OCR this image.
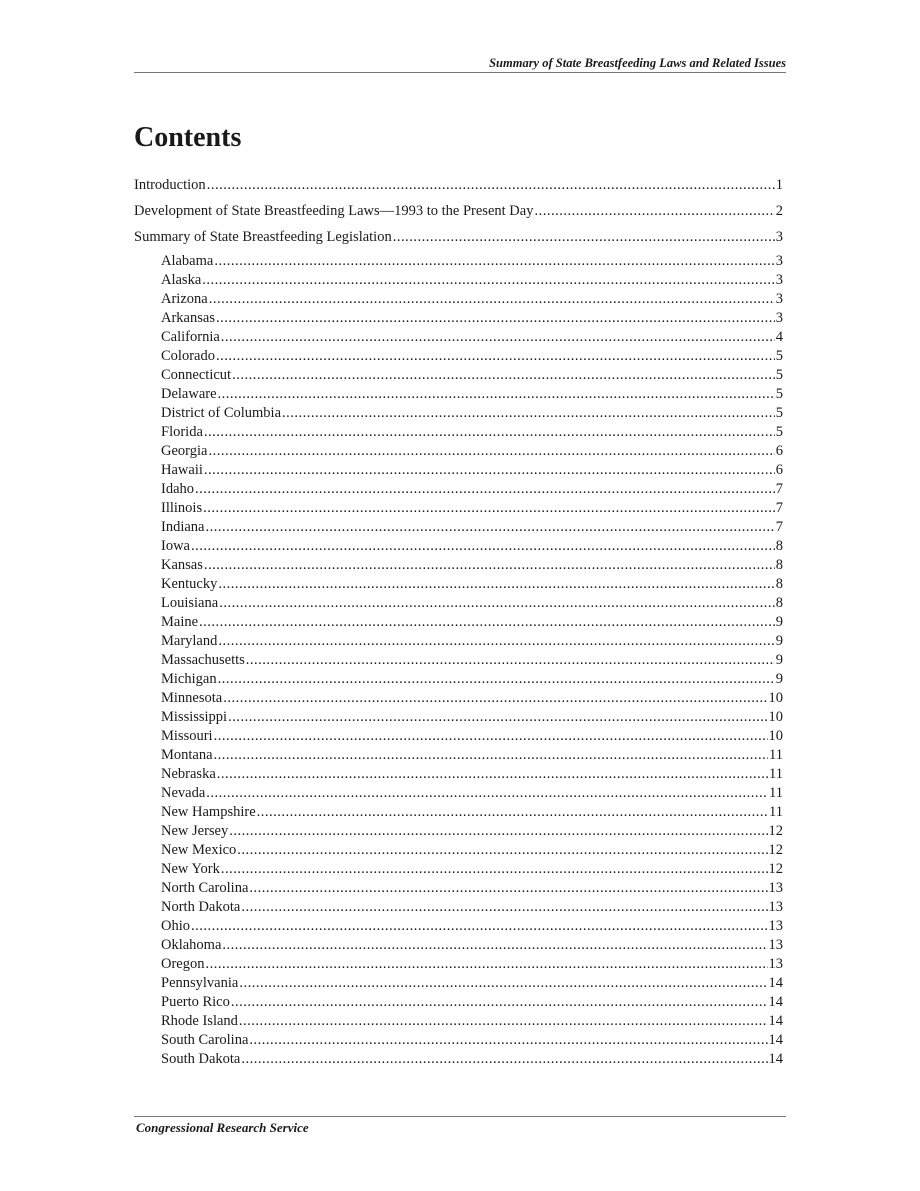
Summary of State Breastfeeding Laws and Related Issues
Contents
Introduction .....	1
Development of State Breastfeeding Laws—1993 to the Present Day .....	2
Summary of State Breastfeeding Legislation .....	3
Alabama .....	3
Alaska .....	3
Arizona .....	3
Arkansas .....	3
California .....	4
Colorado .....	5
Connecticut .....	5
Delaware .....	5
District of Columbia .....	5
Florida .....	5
Georgia .....	6
Hawaii .....	6
Idaho .....	7
Illinois .....	7
Indiana .....	7
Iowa .....	8
Kansas .....	8
Kentucky .....	8
Louisiana .....	8
Maine .....	9
Maryland .....	9
Massachusetts .....	9
Michigan .....	9
Minnesota .....	10
Mississippi .....	10
Missouri .....	10
Montana .....	11
Nebraska .....	11
Nevada .....	11
New Hampshire .....	11
New Jersey .....	12
New Mexico .....	12
New York .....	12
North Carolina .....	13
North Dakota .....	13
Ohio .....	13
Oklahoma .....	13
Oregon .....	13
Pennsylvania .....	14
Puerto Rico .....	14
Rhode Island .....	14
South Carolina .....	14
South Dakota .....	14
Congressional Research Service
